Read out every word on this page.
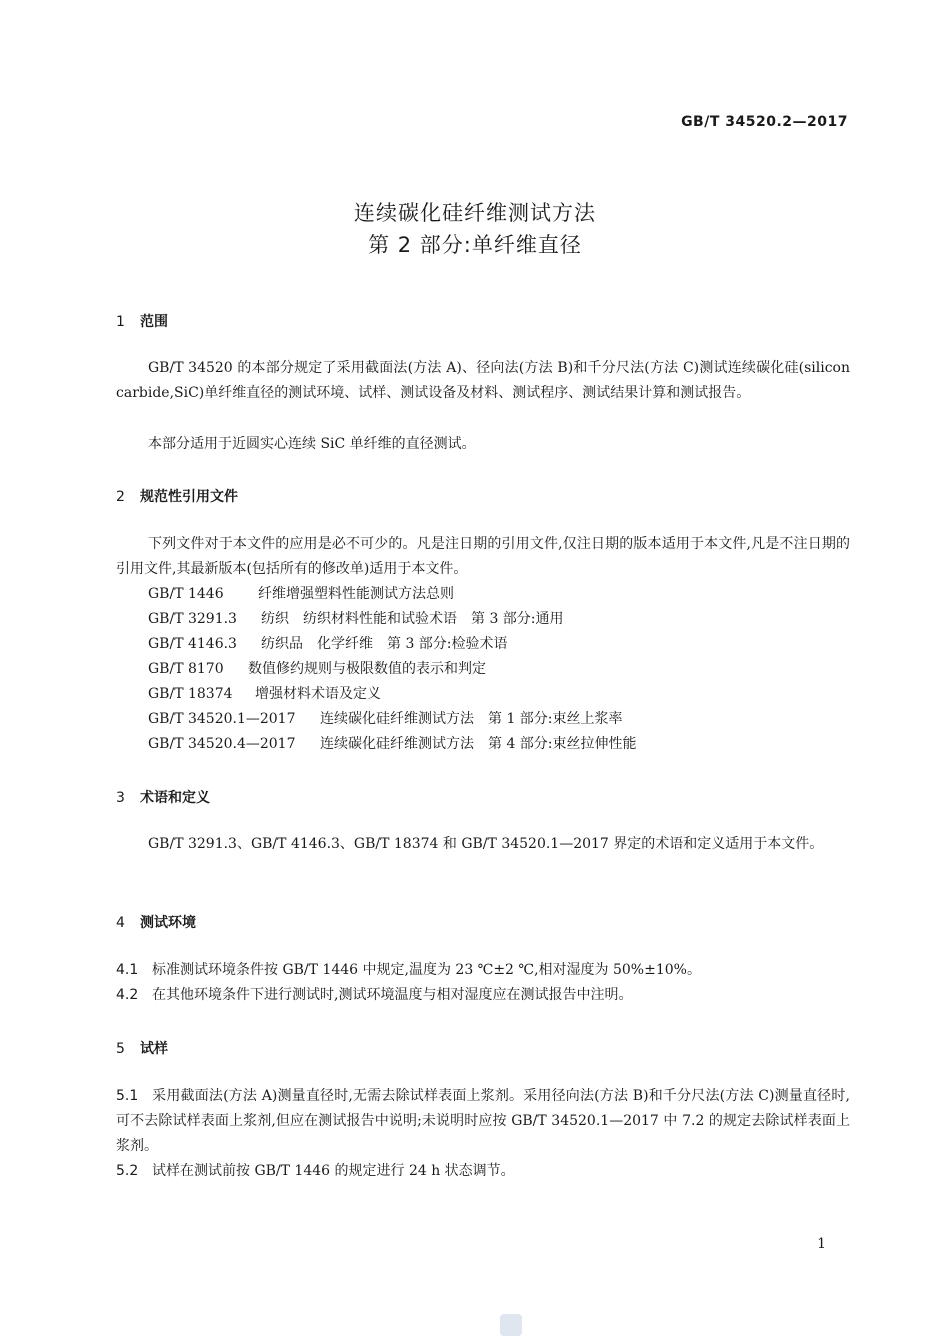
GB/T 34520.2—2017
连续碳化硅纤维测试方法
第 2 部分:单纤维直径
1 范围

GB/T 34520 的本部分规定了采用截面法(方法 A)、径向法(方法 B)和千分尺法(方法 C)测试连续碳化硅(silicon carbide,SiC)单纤维直径的测试环境、试样、测试设备及材料、测试程序、测试结果计算和测试报告。

本部分适用于近圆实心连续 SiC 单纤维的直径测试。

2 规范性引用文件

下列文件对于本文件的应用是必不可少的。凡是注日期的引用文件,仅注日期的版本适用于本文件,凡是不注日期的引用文件,其最新版本(包括所有的修改单)适用于本文件。

GB/T 1446 纤维增强塑料性能测试方法总则
GB/T 3291.3 纺织　纺织材料性能和试验术语　第 3 部分:通用
GB/T 4146.3 纺织品　化学纤维　第 3 部分:检验术语
GB/T 8170 数值修约规则与极限数值的表示和判定
GB/T 18374 增强材料术语及定义
GB/T 34520.1—2017 连续碳化硅纤维测试方法　第 1 部分:束丝上浆率
GB/T 34520.4—2017 连续碳化硅纤维测试方法　第 4 部分:束丝拉伸性能
3 术语和定义

GB/T 3291.3、GB/T 4146.3、GB/T 18374 和 GB/T 34520.1—2017 界定的术语和定义适用于本文件。

4 测试环境

4.1 标准测试环境条件按 GB/T 1446 中规定,温度为 23 ℃±2 ℃,相对湿度为 50%±10%。

4.2 在其他环境条件下进行测试时,测试环境温度与相对湿度应在测试报告中注明。

5 试样

5.1 采用截面法(方法 A)测量直径时,无需去除试样表面上浆剂。采用径向法(方法 B)和千分尺法(方法 C)测量直径时,可不去除试样表面上浆剂,但应在测试报告中说明;未说明时应按 GB/T 34520.1—2017 中 7.2 的规定去除试样表面上浆剂。

5.2 试样在测试前按 GB/T 1446 的规定进行 24 h 状态调节。

1
